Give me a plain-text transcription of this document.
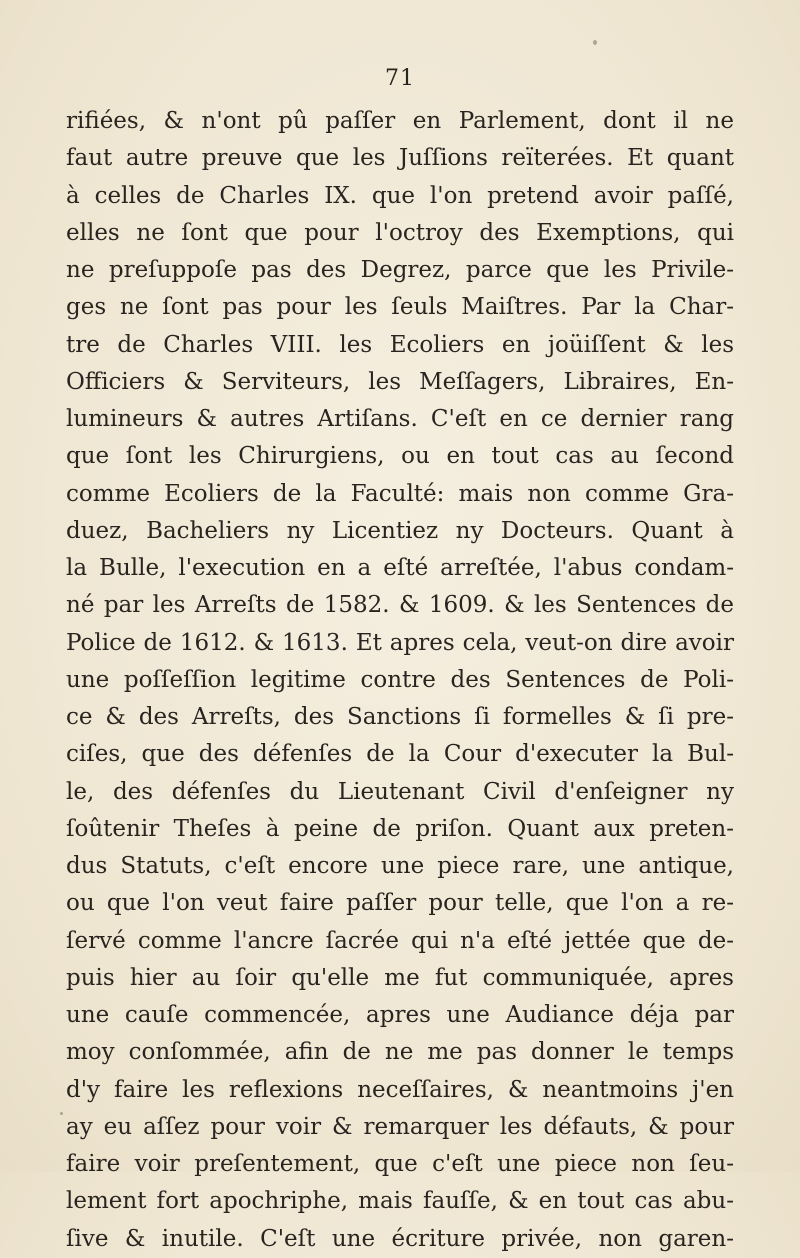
71
rifiées, & n'ont pû paſſer en Parlement, dont il ne
faut autre preuve que les Juſſions reïterées. Et quant
à celles de Charles IX. que l'on pretend avoir paſſé,
elles ne ſont que pour l'octroy des Exemptions, qui
ne preſuppoſe pas des Degrez, parce que les Privile-
ges ne ſont pas pour les ſeuls Maiſtres. Par la Char-
tre de Charles VIII. les Ecoliers en joüiſſent & les
Officiers & Serviteurs, les Meſſagers, Libraires, En-
lumineurs & autres Artiſans. C'eſt en ce dernier rang
que ſont les Chirurgiens, ou en tout cas au ſecond
comme Ecoliers de la Faculté: mais non comme Gra-
duez, Bacheliers ny Licentiez ny Docteurs. Quant à
la Bulle, l'execution en a eſté arreſtée, l'abus condam-
né par les Arreſts de 1582. & 1609. & les Sentences de
Police de 1612. & 1613. Et apres cela, veut-on dire avoir
une poſſeſſion legitime contre des Sentences de Poli-
ce & des Arreſts, des Sanctions ſi formelles & ſi pre-
ciſes, que des défenſes de la Cour d'executer la Bul-
le, des défenſes du Lieutenant Civil d'enſeigner ny
ſoûtenir Theſes à peine de priſon. Quant aux preten-
dus Statuts, c'eſt encore une piece rare, une antique,
ou que l'on veut faire paſſer pour telle, que l'on a re-
ſervé comme l'ancre ſacrée qui n'a eſté jettée que de-
puis hier au ſoir qu'elle me fut communiquée, apres
une cauſe commencée, apres une Audiance déja par
moy conſommée, afin de ne me pas donner le temps
d'y faire les reflexions neceſſaires, & neantmoins j'en
ay eu aſſez pour voir & remarquer les défauts, & pour
faire voir preſentement, que c'eſt une piece non ſeu-
lement fort apochriphe, mais fauſſe, & en tout cas abu-
ſive & inutile. C'eſt une écriture privée, non garen-
